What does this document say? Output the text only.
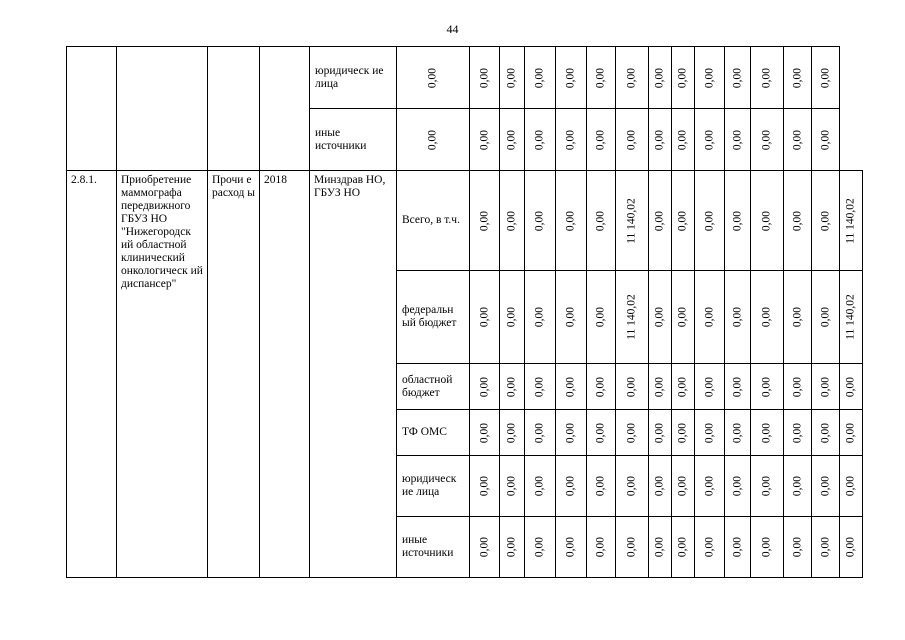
44
				юридическ ие лица	0,00	0,00	0,00	0,00	0,00	0,00	0,00	0,00	0,00	0,00	0,00	0,00	0,00	0,00	

				иные источники	0,00	0,00	0,00	0,00	0,00	0,00	0,00	0,00	0,00	0,00	0,00	0,00	0,00	0,00	

2.8.1.	Приобретение маммографа передвижного ГБУЗ НО "Нижегородск ий областной клинический онкологическ ий диспансер"	Прочи е расход ы	2018	Минздрав НО, ГБУЗ НО	Всего, в т.ч.	0,00	0,00	0,00	0,00	0,00	11 140,02	0,00	0,00	0,00	0,00	0,00	0,00	0,00	11 140,02

					федеральн ый бюджет	0,00	0,00	0,00	0,00	0,00	11 140,02	0,00	0,00	0,00	0,00	0,00	0,00	0,00	11 140,02

					областной бюджет	0,00	0,00	0,00	0,00	0,00	0,00	0,00	0,00	0,00	0,00	0,00	0,00	0,00	0,00

					ТФ ОМС	0,00	0,00	0,00	0,00	0,00	0,00	0,00	0,00	0,00	0,00	0,00	0,00	0,00	0,00

					юридическ ие лица	0,00	0,00	0,00	0,00	0,00	0,00	0,00	0,00	0,00	0,00	0,00	0,00	0,00	0,00

					иные источники	0,00	0,00	0,00	0,00	0,00	0,00	0,00	0,00	0,00	0,00	0,00	0,00	0,00	0,00
